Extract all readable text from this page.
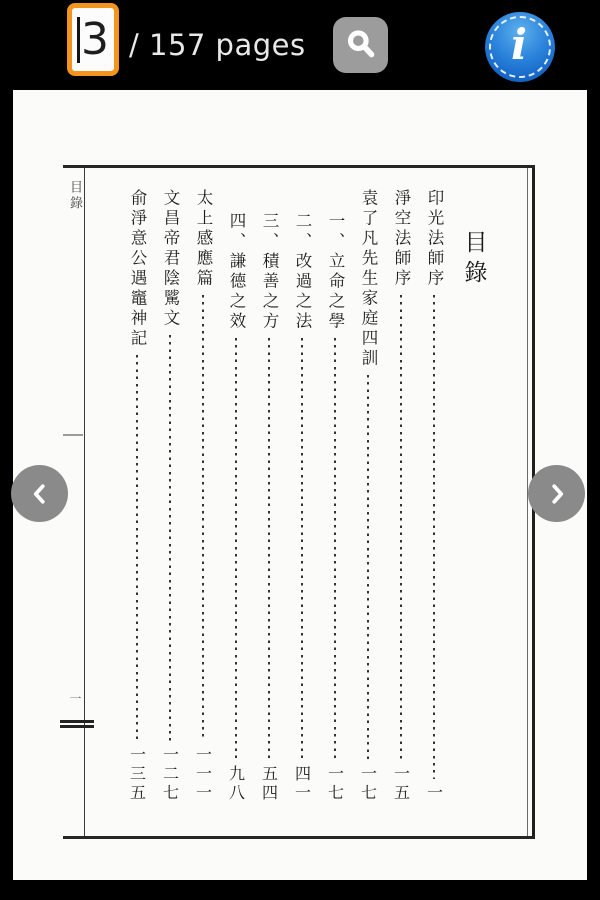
3 / 157 pages	i
目錄
一
目錄
印光法師序
一
淨空法師序
一五
袁了凡先生家庭四訓
一七
一、立命之學
一七
二、改過之法
四一
三、積善之方
五四
四、謙德之效
九八
太上感應篇
一一一
文昌帝君陰騭文
一二七
俞淨意公遇竈神記
一三五
